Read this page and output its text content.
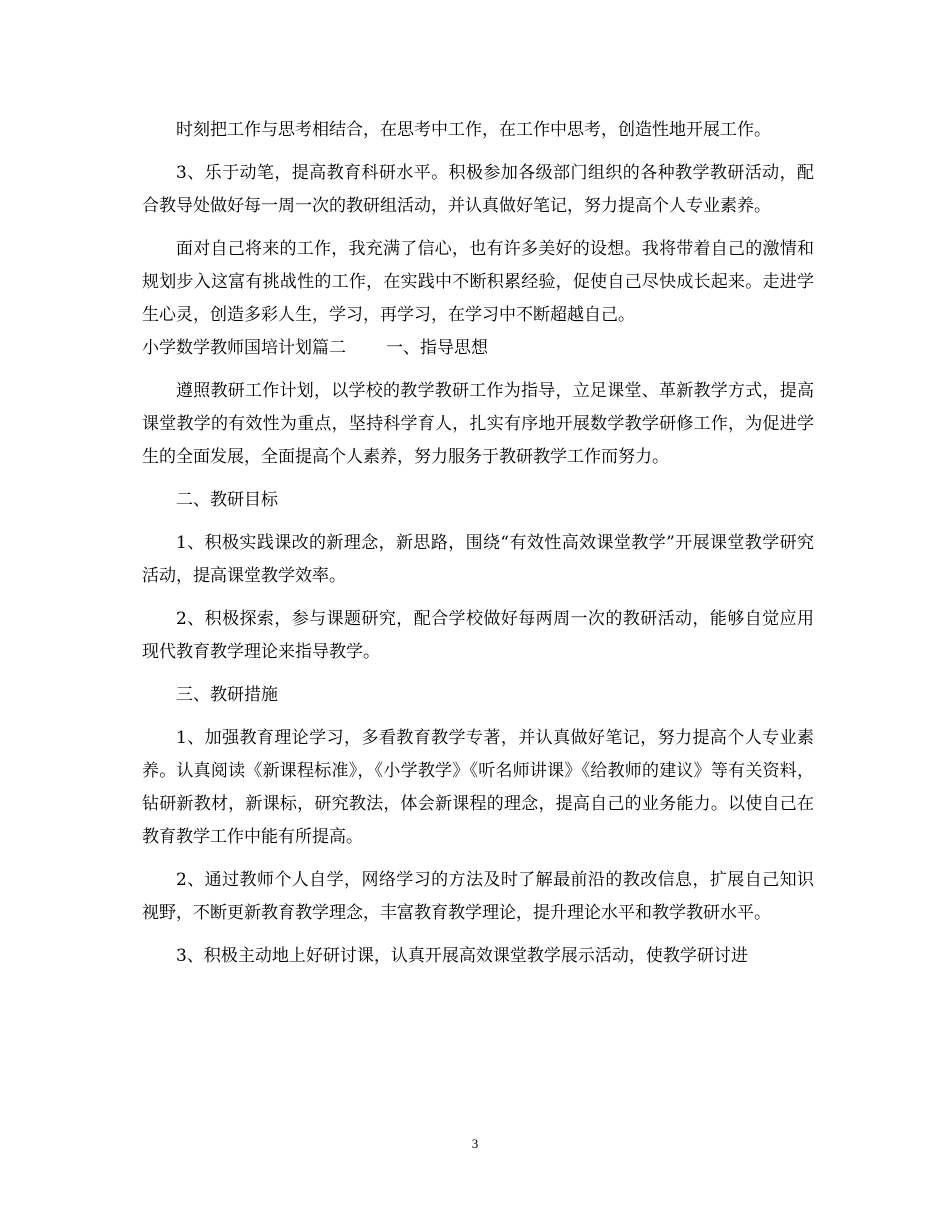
时刻把工作与思考相结合，在思考中工作，在工作中思考，创造性地开展工作。

3、乐于动笔，提高教育科研水平。积极参加各级部门组织的各种教学教研活动，配合教导处做好每一周一次的教研组活动，并认真做好笔记，努力提高个人专业素养。

面对自己将来的工作，我充满了信心，也有许多美好的设想。我将带着自己的激情和规划步入这富有挑战性的工作，在实践中不断积累经验，促使自己尽快成长起来。走进学生心灵，创造多彩人生，学习，再学习，在学习中不断超越自己。

小学数学教师国培计划篇二 一、指导思想

遵照教研工作计划，以学校的教学教研工作为指导，立足课堂、革新教学方式，提高课堂教学的有效性为重点，坚持科学育人，扎实有序地开展数学教学研修工作，为促进学生的全面发展，全面提高个人素养，努力服务于教研教学工作而努力。

二、教研目标

1、积极实践课改的新理念，新思路，围绕“有效性高效课堂教学”开展课堂教学研究活动，提高课堂教学效率。

2、积极探索，参与课题研究，配合学校做好每两周一次的教研活动，能够自觉应用现代教育教学理论来指导教学。

三、教研措施

1、加强教育理论学习，多看教育教学专著，并认真做好笔记，努力提高个人专业素养。认真阅读《新课程标准》，《小学教学》《听名师讲课》《给教师的建议》等有关资料，钻研新教材，新课标，研究教法，体会新课程的理念，提高自己的业务能力。以使自己在教育教学工作中能有所提高。

2、通过教师个人自学，网络学习的方法及时了解最前沿的教改信息，扩展自己知识视野，不断更新教育教学理念，丰富教育教学理论，提升理论水平和教学教研水平。

3、积极主动地上好研讨课，认真开展高效课堂教学展示活动，使教学研讨进

3
